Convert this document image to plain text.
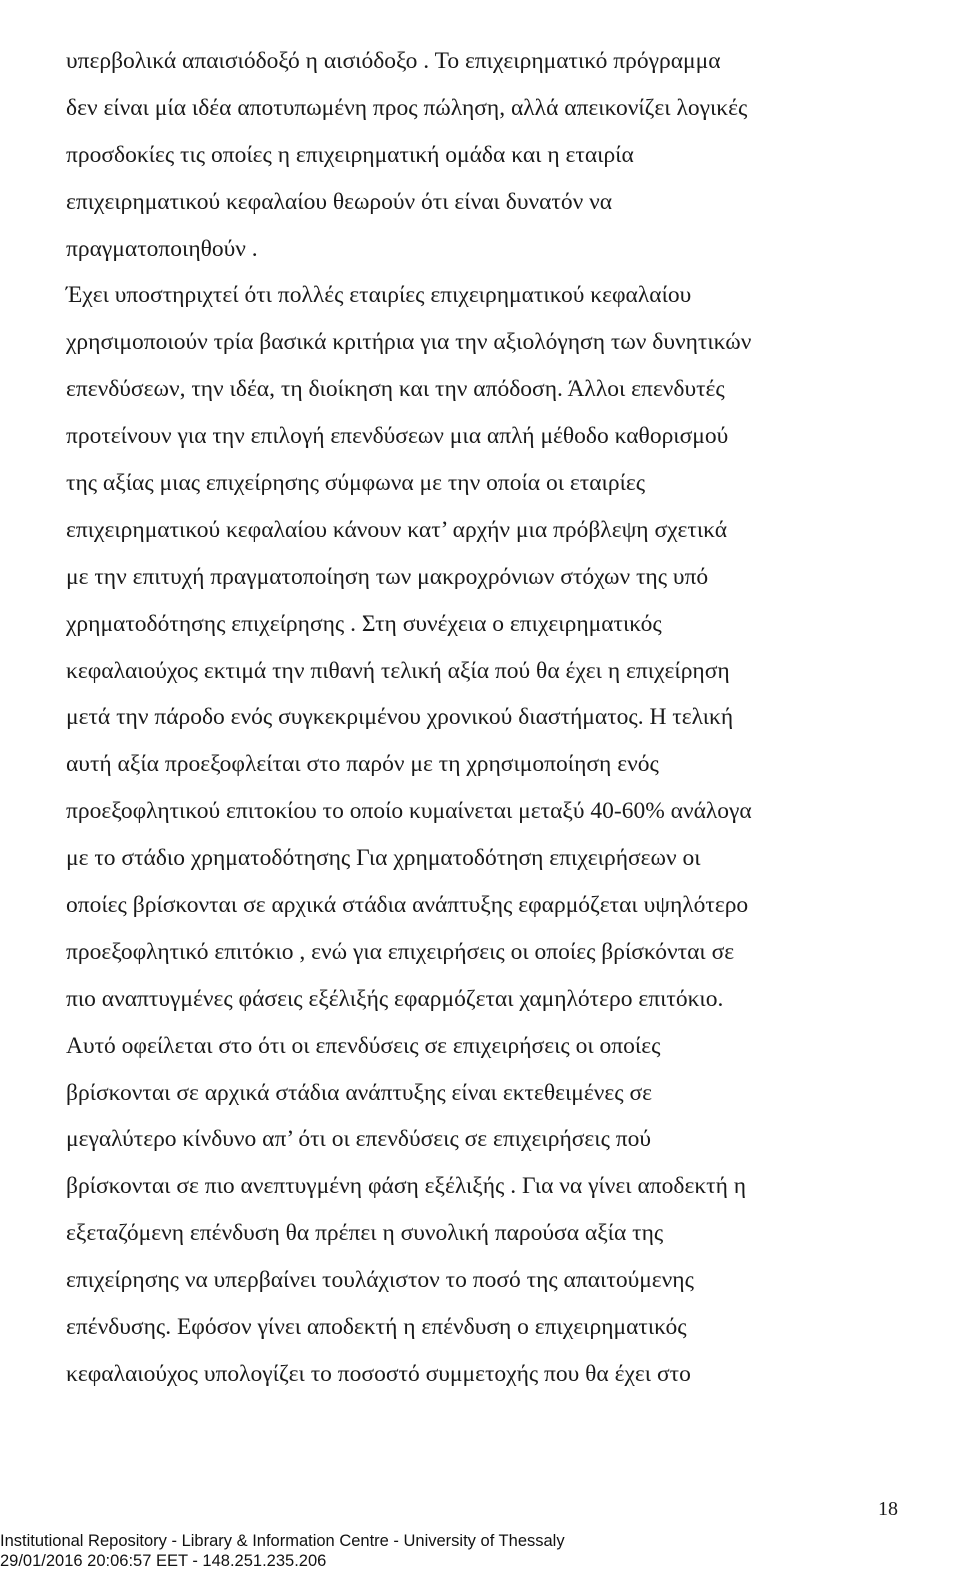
υπερβολικά απαισιόδοξό η αισιόδοξο . Το επιχειρηματικό πρόγραμμα
δεν είναι μία ιδέα αποτυπωμένη προς πώληση, αλλά απεικονίζει λογικές
προσδοκίες τις οποίες η επιχειρηματική ομάδα και η εταιρία
επιχειρηματικού κεφαλαίου θεωρούν ότι είναι δυνατόν να
πραγματοποιηθούν .
Έχει υποστηριχτεί ότι πολλές εταιρίες επιχειρηματικού κεφαλαίου
χρησιμοποιούν τρία βασικά κριτήρια για την αξιολόγηση των δυνητικών
επενδύσεων, την ιδέα, τη διοίκηση και την απόδοση. Άλλοι επενδυτές
προτείνουν για την επιλογή επενδύσεων μια απλή μέθοδο καθορισμού
της αξίας μιας επιχείρησης σύμφωνα με την οποία οι εταιρίες
επιχειρηματικού κεφαλαίου κάνουν κατ’ αρχήν μια πρόβλεψη σχετικά
με την επιτυχή πραγματοποίηση των μακροχρόνιων στόχων της υπό
χρηματοδότησης επιχείρησης . Στη συνέχεια ο επιχειρηματικός
κεφαλαιούχος εκτιμά την πιθανή τελική αξία πού θα έχει η επιχείρηση
μετά την πάροδο ενός συγκεκριμένου χρονικού διαστήματος. Η τελική
αυτή αξία προεξοφλείται στο παρόν με τη χρησιμοποίηση ενός
προεξοφλητικού επιτοκίου το οποίο κυμαίνεται μεταξύ 40-60% ανάλογα
με το στάδιο χρηματοδότησης Για χρηματοδότηση επιχειρήσεων οι
οποίες βρίσκονται σε αρχικά στάδια ανάπτυξης εφαρμόζεται υψηλότερο
προεξοφλητικό επιτόκιο , ενώ για επιχειρήσεις οι οποίες βρίσκόνται σε
πιο αναπτυγμένες φάσεις εξέλιξής εφαρμόζεται χαμηλότερο επιτόκιο.
Αυτό οφείλεται στο ότι οι επενδύσεις σε επιχειρήσεις οι οποίες
βρίσκονται σε αρχικά στάδια ανάπτυξης είναι εκτεθειμένες σε
μεγαλύτερο κίνδυνο απ’ ότι οι επενδύσεις σε επιχειρήσεις πού
βρίσκονται σε πιο ανεπτυγμένη φάση εξέλιξής . Για να γίνει αποδεκτή η
εξεταζόμενη επένδυση θα πρέπει η συνολική παρούσα αξία της
επιχείρησης να υπερβαίνει τουλάχιστον το ποσό της απαιτούμενης
επένδυσης. Εφόσον γίνει αποδεκτή η επένδυση ο επιχειρηματικός
κεφαλαιούχος υπολογίζει το ποσοστό συμμετοχής που θα έχει στο
18
Institutional Repository - Library & Information Centre - University of Thessaly
29/01/2016 20:06:57 EET - 148.251.235.206
